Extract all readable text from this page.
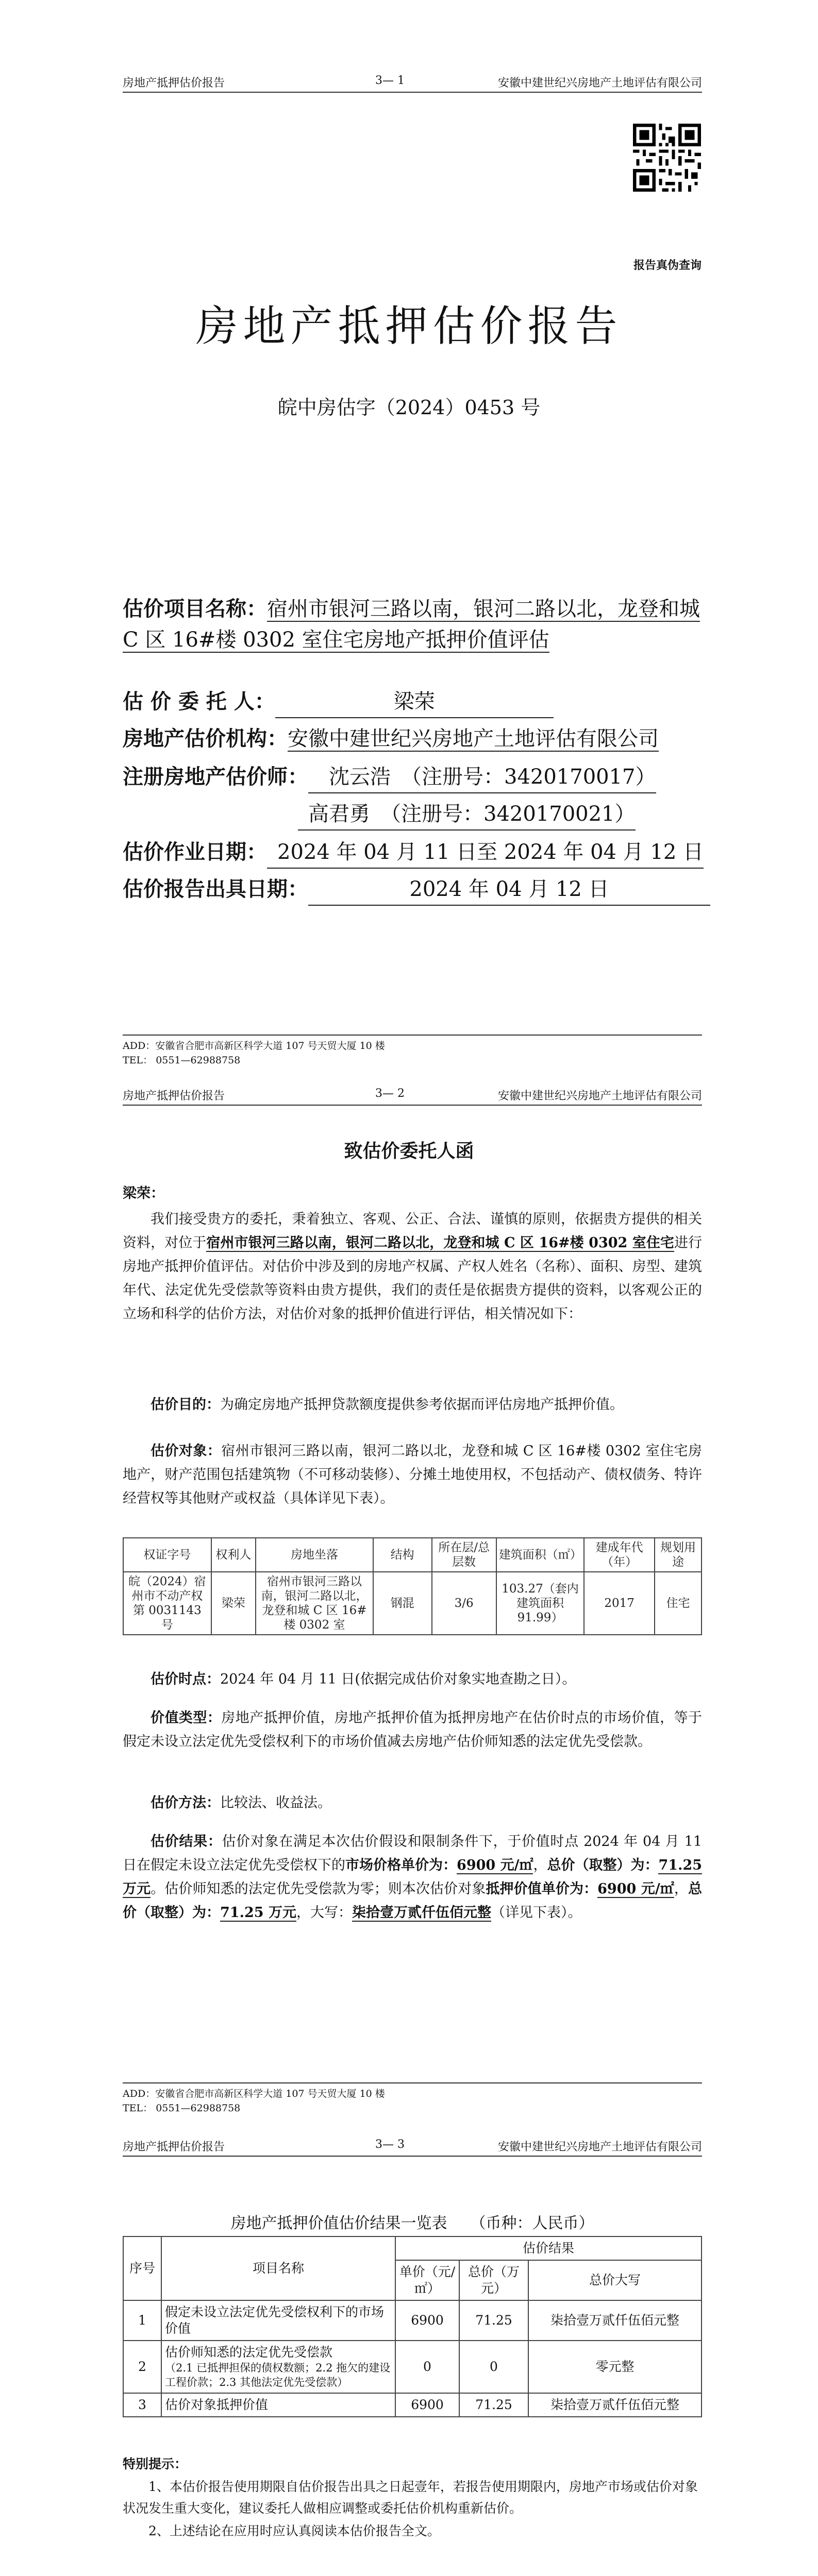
房地产抵押估价报告	3— 1	安徽中建世纪兴房地产土地评估有限公司
报告真伪查询
房地产抵押估价报告
皖中房估字（2024）0453 号
估价项目名称：宿州市银河三路以南，银河二路以北，龙登和城 C 区 16#楼 0302 室住宅房地产抵押价值评估
估 价 委 托 人：	梁荣
房地产估价机构：安徽中建世纪兴房地产土地评估有限公司
注册房地产估价师： 沈云浩　（注册号：3420170017）
高君勇　（注册号：3420170021）
估价作业日期： 2024 年 04 月 11 日至 2024 年 04 月 12 日
估价报告出具日期：	2024 年 04 月 12 日
ADD：安徽省合肥市高新区科学大道 107 号天贸大厦 10 楼
TEL： 0551—62988758
房地产抵押估价报告	3— 2	安徽中建世纪兴房地产土地评估有限公司
致估价委托人函
梁荣：
我们接受贵方的委托，秉着独立、客观、公正、合法、谨慎的原则，依据贵方提供的相关资料，对位于宿州市银河三路以南，银河二路以北，龙登和城 C 区 16#楼 0302 室住宅进行房地产抵押价值评估。对估价中涉及到的房地产权属、产权人姓名（名称）、面积、房型、建筑年代、法定优先受偿款等资料由贵方提供，我们的责任是依据贵方提供的资料，以客观公正的立场和科学的估价方法，对估价对象的抵押价值进行评估，相关情况如下：
估价目的：为确定房地产抵押贷款额度提供参考依据而评估房地产抵押价值。
估价对象：宿州市银河三路以南，银河二路以北，龙登和城 C 区 16#楼 0302 室住宅房地产，财产范围包括建筑物（不可移动装修）、分摊土地使用权，不包括动产、债权债务、特许经营权等其他财产或权益（具体详见下表）。
权证字号	权利人	房地坐落	结构	所在层/总层数	建筑面积（㎡）	建成年代（年）	规划用途
皖（2024）宿州市不动产权第 0031143 号	梁荣	宿州市银河三路以南，银河二路以北，龙登和城 C 区 16#楼 0302 室	钢混	3/6	103.27（套内建筑面积 91.99）	2017	住宅
估价时点：2024 年 04 月 11 日(依据完成估价对象实地查勘之日）。
价值类型：房地产抵押价值，房地产抵押价值为抵押房地产在估价时点的市场价值，等于假定未设立法定优先受偿权利下的市场价值减去房地产估价师知悉的法定优先受偿款。
估价方法：比较法、收益法。
估价结果：估价对象在满足本次估价假设和限制条件下，于价值时点 2024 年 04 月 11 日在假定未设立法定优先受偿权下的市场价格单价为：6900 元/㎡，总价（取整）为：71.25 万元。估价师知悉的法定优先受偿款为零；则本次估价对象抵押价值单价为：6900 元/㎡，总价（取整）为：71.25 万元，大写：柒拾壹万贰仟伍佰元整（详见下表）。
ADD：安徽省合肥市高新区科学大道 107 号天贸大厦 10 楼
TEL： 0551—62988758
房地产抵押估价报告	3— 3	安徽中建世纪兴房地产土地评估有限公司
房地产抵押价值估价结果一览表　　（币种：人民币）
序号	项目名称	估价结果		
		单价（元/㎡）	总价（万元）	总价大写
1	假定未设立法定优先受偿权利下的市场价值	6900	71.25	柒拾壹万贰仟伍佰元整
2	估价师知悉的法定优先受偿款
（2.1 已抵押担保的债权数额；2.2 拖欠的建设工程价款；2.3 其他法定优先受偿款）	0	0	零元整
3	估价对象抵押价值	6900	71.25	柒拾壹万贰仟伍佰元整
特别提示：
1、本估价报告使用期限自估价报告出具之日起壹年，若报告使用期限内，房地产市场或估价对象状况发生重大变化，建议委托人做相应调整或委托估价机构重新估价。
2、上述结论在应用时应认真阅读本估价报告全文。
